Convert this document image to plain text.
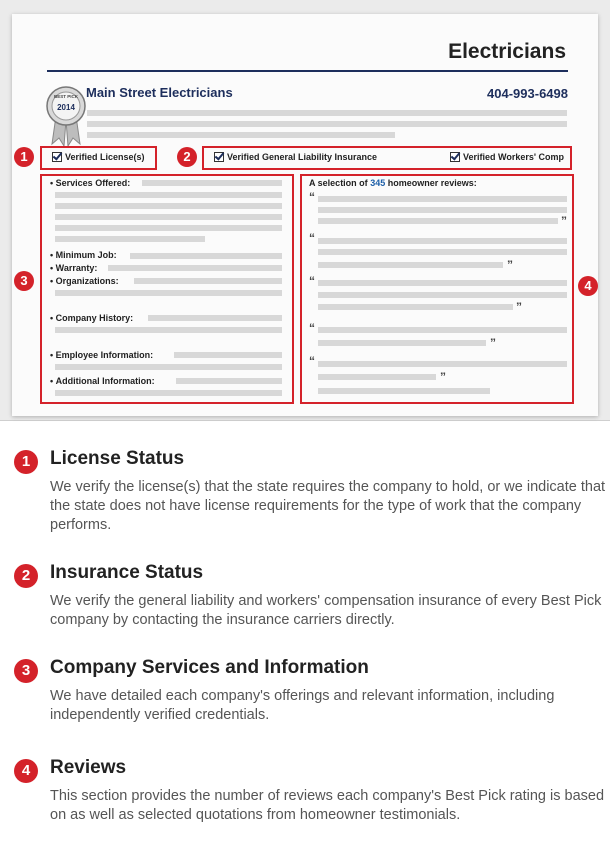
Electricians
BEST PICK
2014
Main Street Electricians	404-993-6498
1	Verified License(s)	2	Verified General Liability Insurance	Verified Workers' Comp
3
• Services Offered:
• Minimum Job:
• Warranty:
• Organizations:
• Company History:
• Employee Information:
• Additional Information:
4
A selection of 345 homeowner reviews:
“
”
“
”
“
”
“
”
“
”
1	License Status
We verify the license(s) that the state requires the company to hold, or we indicate that the state does not have license requirements for the type of work that the company performs.
2	Insurance Status
We verify the general liability and workers' compensation insurance of every Best Pick company by contacting the insurance carriers directly.
3	Company Services and Information
We have detailed each company's offerings and relevant information, including independently verified credentials.
4	Reviews
This section provides the number of reviews each company's Best Pick rating is based on as well as selected quotations from homeowner testimonials.
